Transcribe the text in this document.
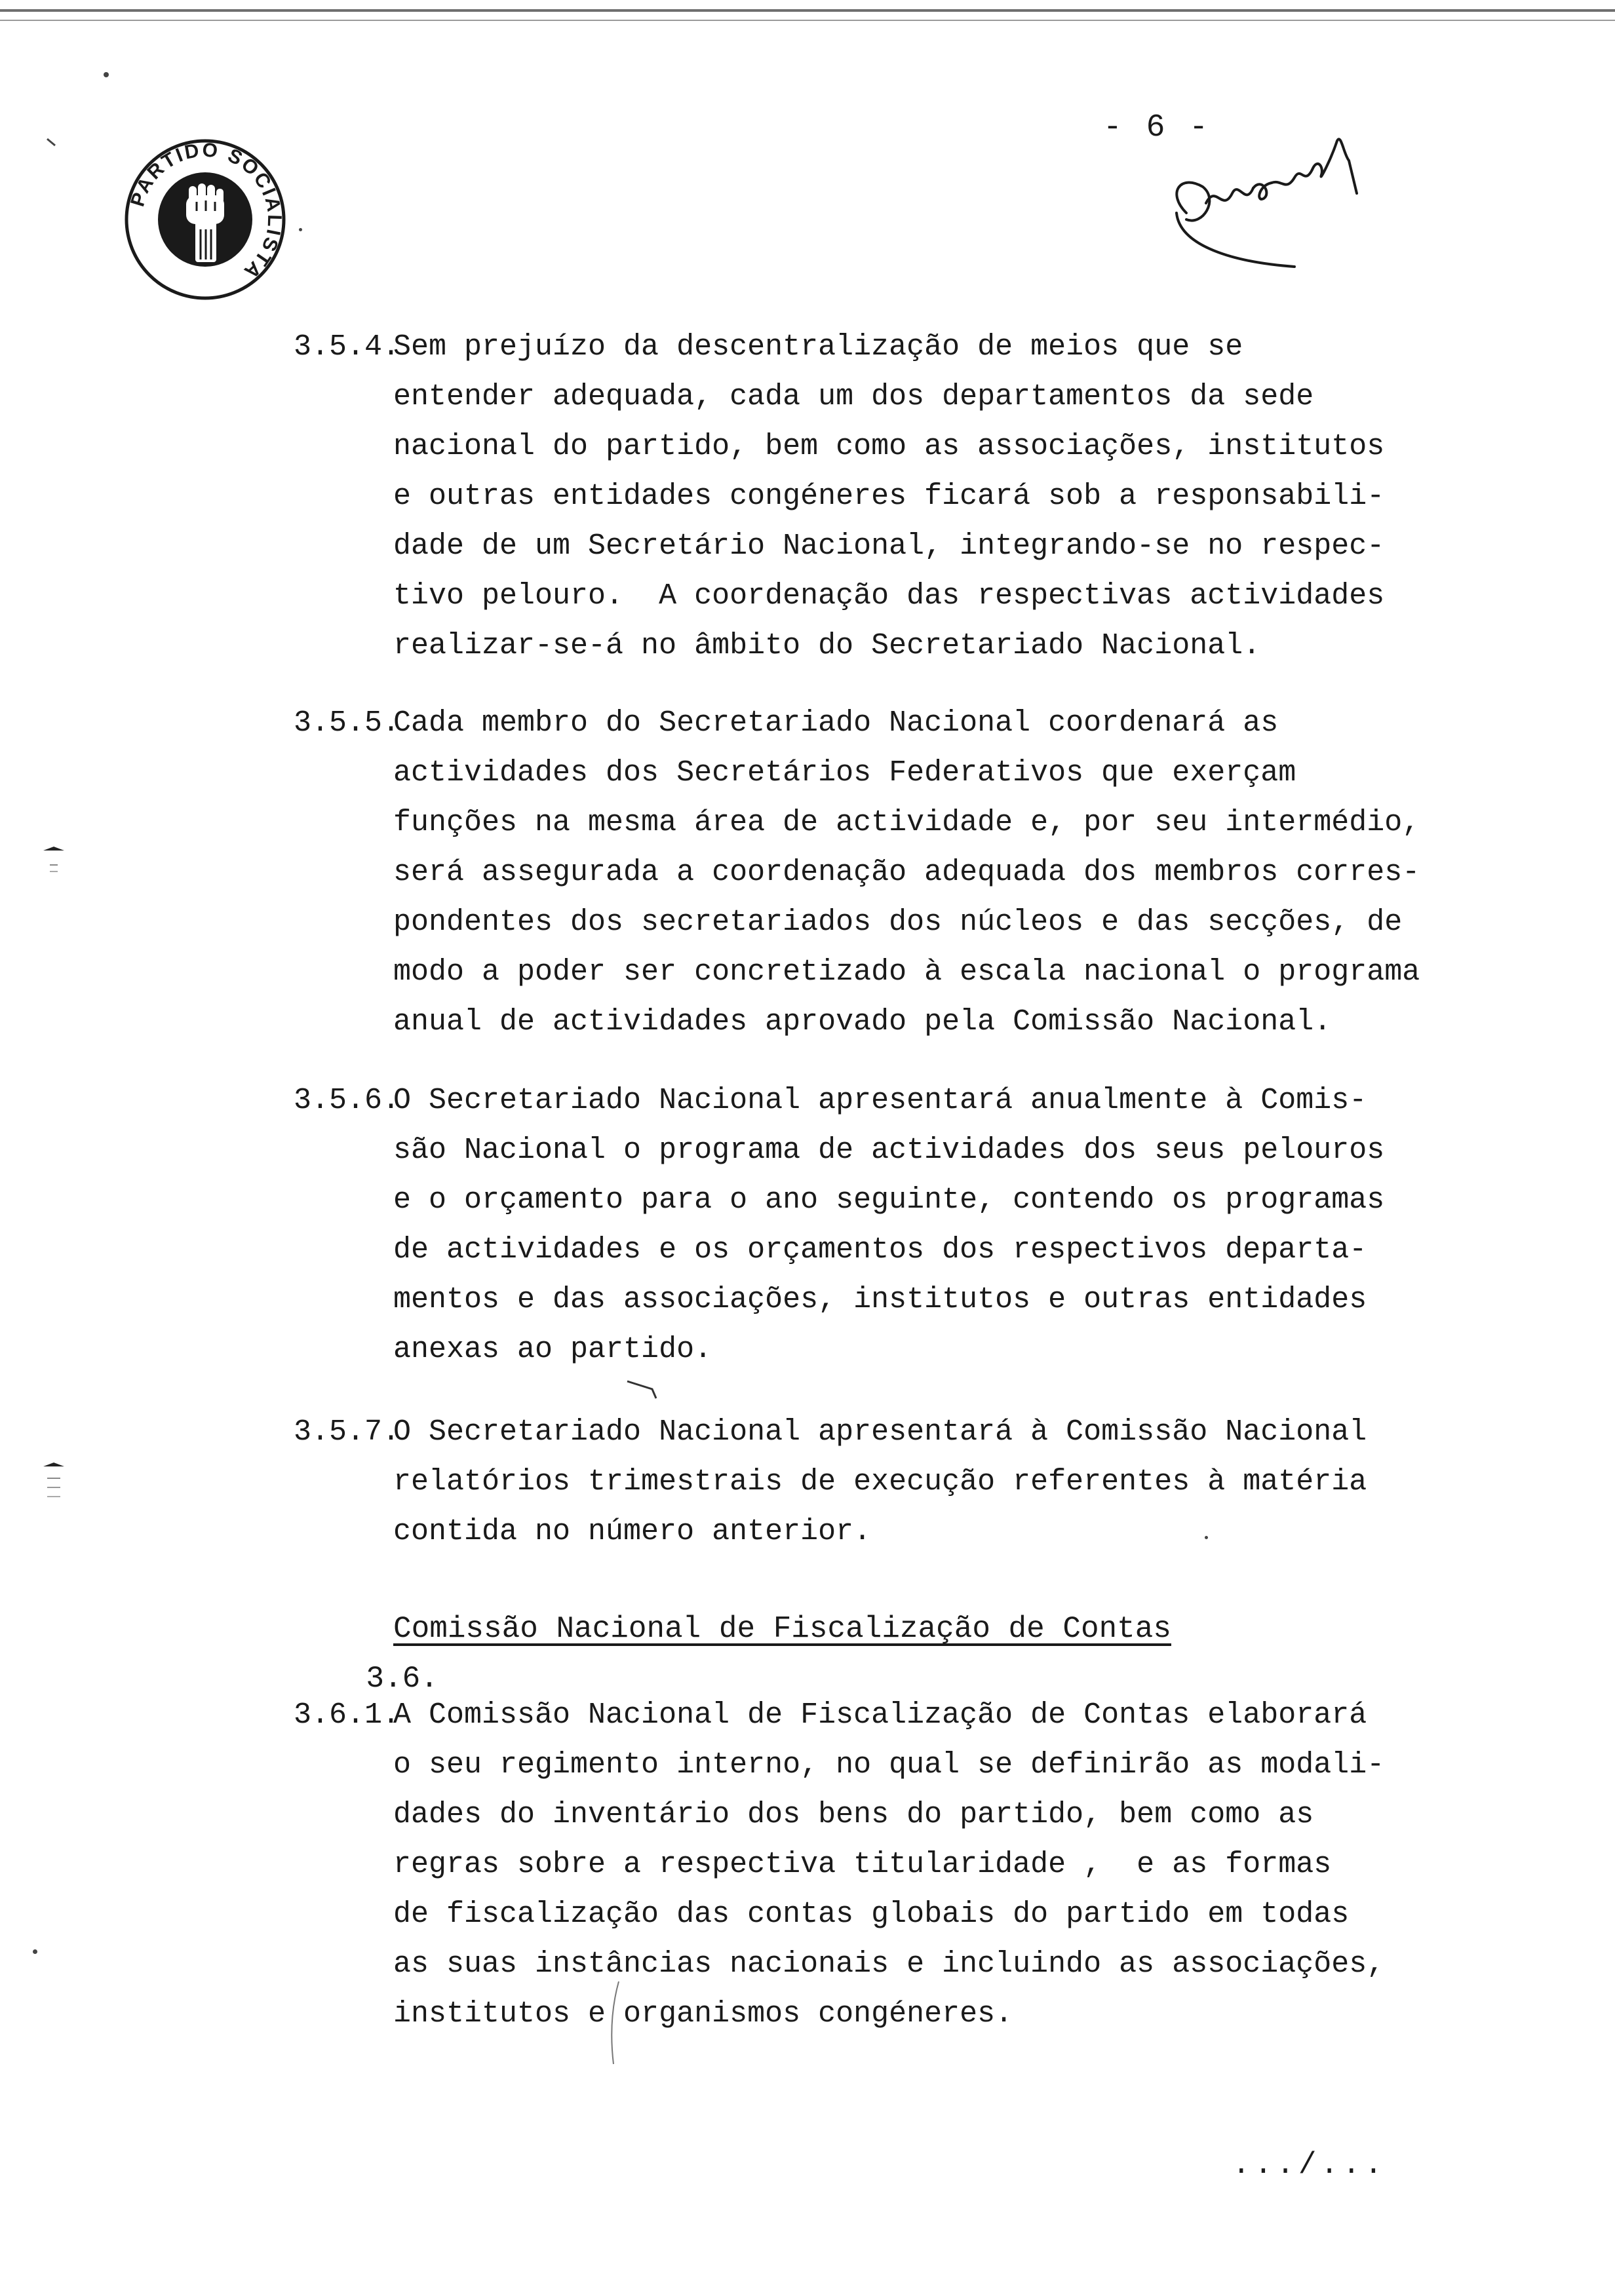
PARTIDO SOCIALISTA
- 6 -
3.5.4.
Sem prejuízo da descentralização de meios que se
entender adequada, cada um dos departamentos da sede
nacional do partido, bem como as associações, institutos
e outras entidades congéneres ficará sob a responsabili-
dade de um Secretário Nacional, integrando-se no respec-
tivo pelouro.  A coordenação das respectivas actividades
realizar-se-á no âmbito do Secretariado Nacional.
3.5.5.
Cada membro do Secretariado Nacional coordenará as
actividades dos Secretários Federativos que exerçam
funções na mesma área de actividade e, por seu intermédio,
será assegurada a coordenação adequada dos membros corres-
pondentes dos secretariados dos núcleos e das secções, de
modo a poder ser concretizado à escala nacional o programa
anual de actividades aprovado pela Comissão Nacional.
3.5.6.
O Secretariado Nacional apresentará anualmente à Comis-
são Nacional o programa de actividades dos seus pelouros
e o orçamento para o ano seguinte, contendo os programas
de actividades e os orçamentos dos respectivos departa-
mentos e das associações, institutos e outras entidades
anexas ao partido.
3.5.7.
O Secretariado Nacional apresentará à Comissão Nacional
relatórios trimestrais de execução referentes à matéria
contida no número anterior.

3.6.

Comissão Nacional de Fiscalização de Contas

3.6.1.
A Comissão Nacional de Fiscalização de Contas elaborará
o seu regimento interno, no qual se definirão as modali-
dades do inventário dos bens do partido, bem como as
regras sobre a respectiva titularidade ,  e as formas
de fiscalização das contas globais do partido em todas
as suas instâncias nacionais e incluindo as associações,
institutos e organismos congéneres.
.../...
